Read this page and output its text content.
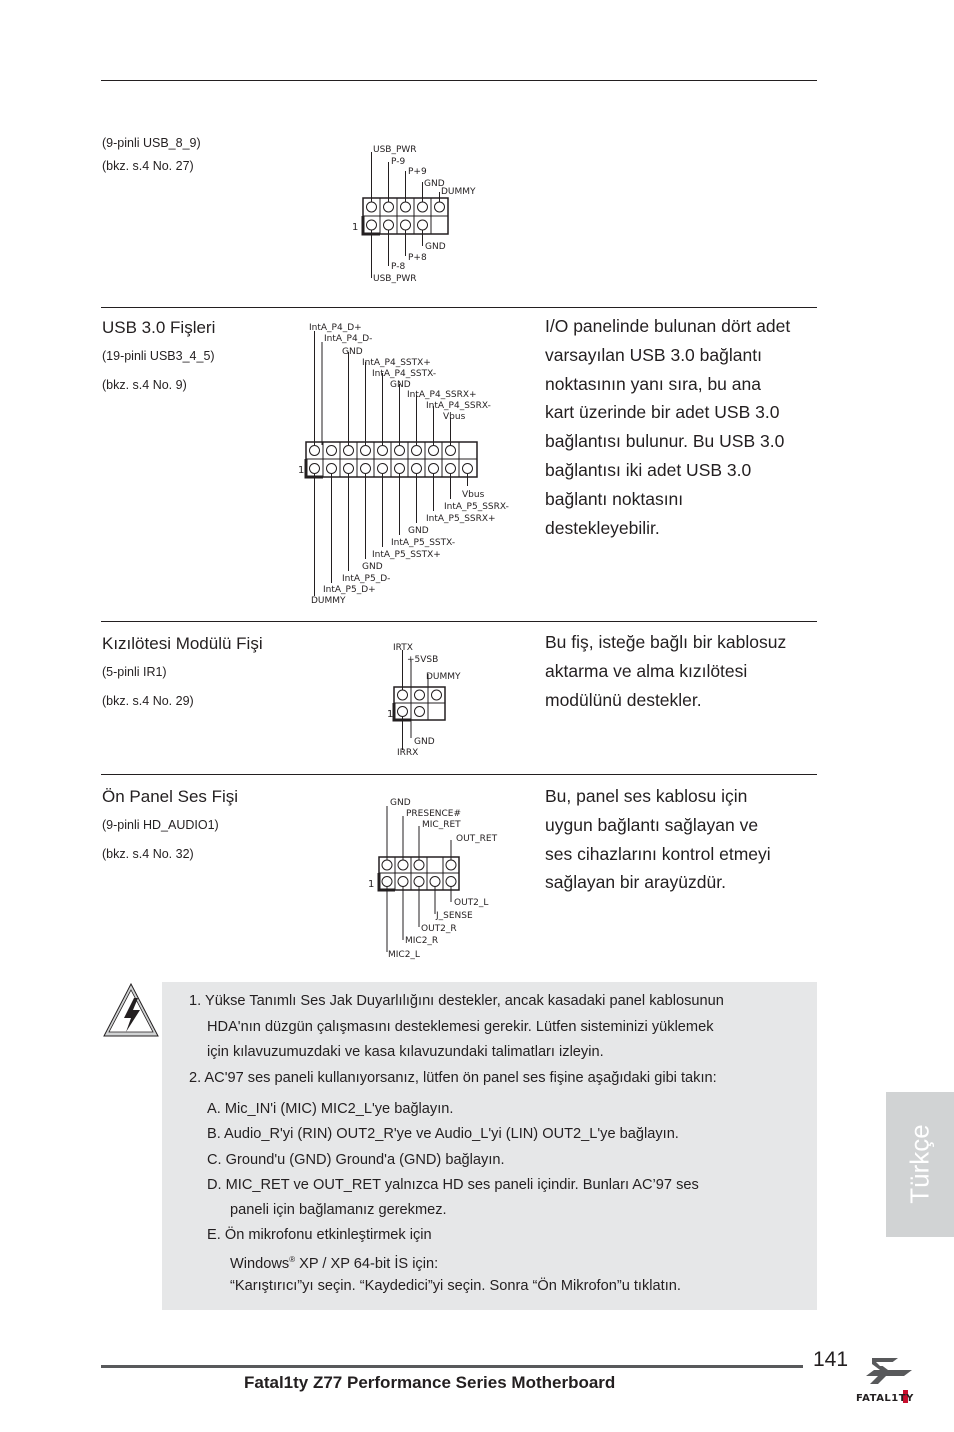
(9-pinli USB_8_9)
(bkz. s.4 No. 27)
1
USB_PWR
P-9
P+9
GND
DUMMY
GND
P+8
P-8
USB_PWR
USB 3.0 Fişleri
(19-pinli USB3_4_5)
(bkz. s.4 No. 9)
1
IntA_P4_D+
IntA_P4_D-
GND
IntA_P4_SSTX+
IntA_P4_SSTX-
GND
IntA_P4_SSRX+
IntA_P4_SSRX-
Vbus
Vbus
IntA_P5_SSRX-
IntA_P5_SSRX+
GND
IntA_P5_SSTX-
IntA_P5_SSTX+
GND
IntA_P5_D-
IntA_P5_D+
DUMMY

I/O panelinde bulunan dört adet

varsayılan USB 3.0 bağlantı

noktasının yanı sıra, bu ana

kart üzerinde bir adet USB 3.0

bağlantısı bulunur. Bu USB 3.0

bağlantısı iki adet USB 3.0

bağlantı noktasını

destekleyebilir.

Kızılötesi Modülü Fişi
(5-pinli IR1)
(bkz. s.4 No. 29)
1
IRTX
+5VSB
DUMMY
GND
IRRX

Bu fiş, isteğe bağlı bir kablosuz

aktarma ve alma kızılötesi

modülünü destekler.

Ön Panel Ses Fişi
(9-pinli HD_AUDIO1)
(bkz. s.4 No. 32)
1
GND
PRESENCE#
MIC_RET
OUT_RET
OUT2_L
J_SENSE
OUT2_R
MIC2_R
MIC2_L

Bu, panel ses kablosu için

uygun bağlantı sağlayan ve

ses cihazlarını kontrol etmeyi

sağlayan bir arayüzdür.

1. Yükse Tanımlı Ses Jak Duyarlılığını destekler, ancak kasadaki panel kablosunun
HDA'nın düzgün çalışmasını desteklemesi gerekir. Lütfen sisteminizi yüklemek
için kılavuzumuzdaki ve kasa kılavuzundaki talimatları izleyin.
2. AC'97 ses paneli kullanıyorsanız, lütfen ön panel ses fişine aşağıdaki gibi takın:
A. Mic_IN'i (MIC) MIC2_L'ye bağlayın.
B. Audio_R'yi (RIN) OUT2_R'ye ve Audio_L'yi (LIN) OUT2_L'ye bağlayın.
C. Ground'u (GND) Ground'a (GND) bağlayın.
D. MIC_RET ve OUT_RET yalnızca HD ses paneli içindir. Bunları AC’97 ses
paneli için bağlamanız gerekmez.
E. Ön mikrofonu etkinleştirmek için
Windows® XP / XP 64-bit İS için:
“Karıştırıcı”yı seçin. “Kaydedici”yi seçin. Sonra “Ön Mikrofon”u tıklatın.
Türkçe
141
Fatal1ty Z77 Performance Series Motherboard
FATAL1TY
